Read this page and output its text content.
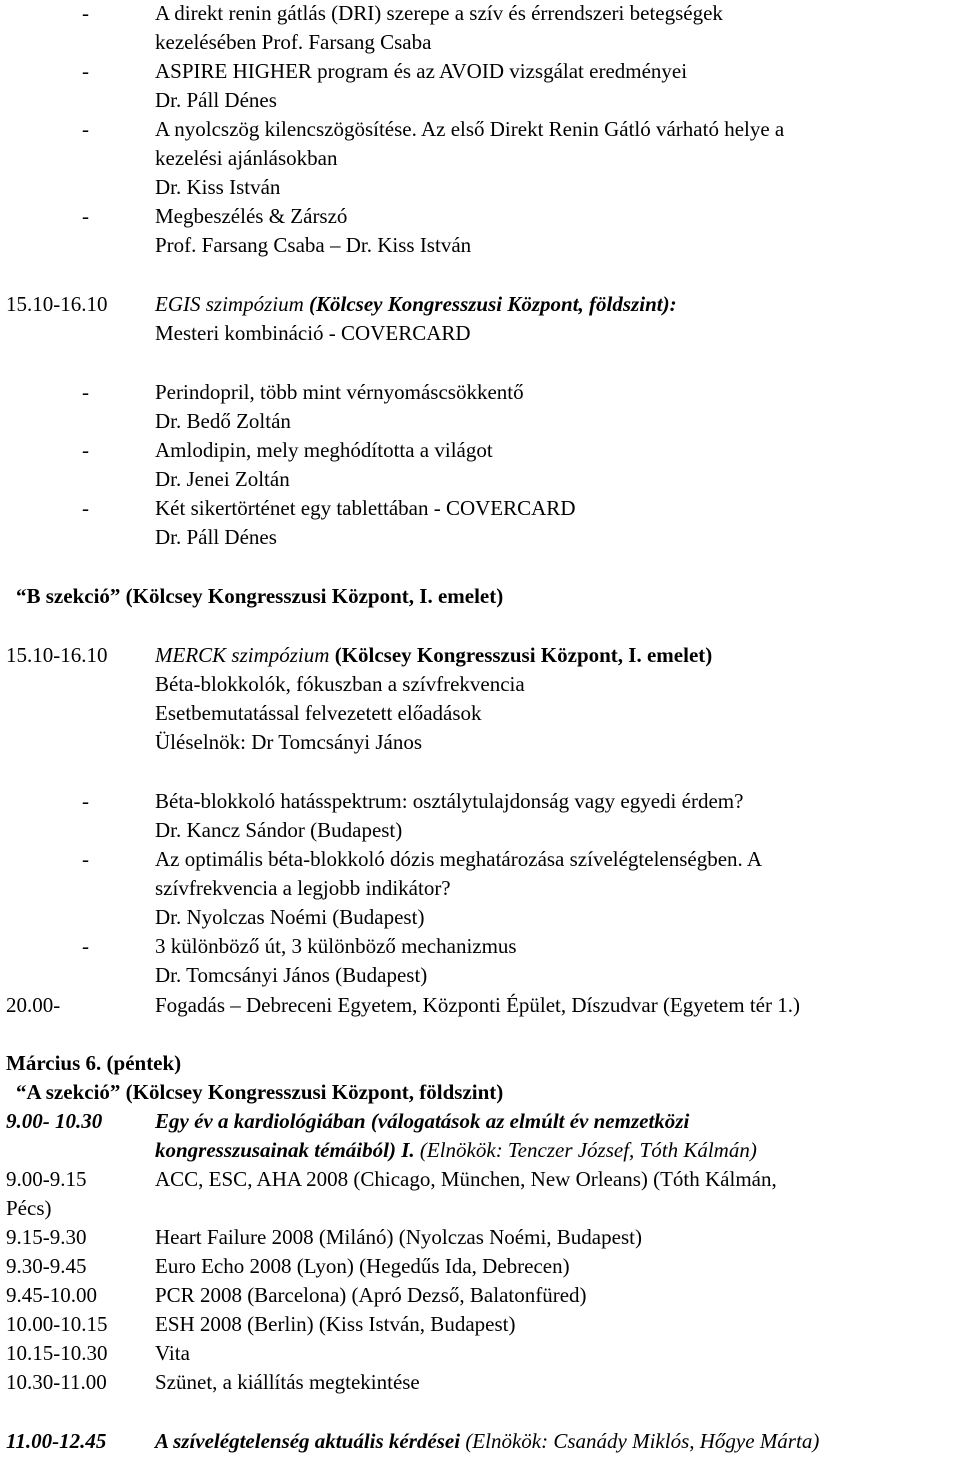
-	A direkt renin gátlás (DRI) szerepe a szív és érrendszeri betegségek
kezelésében Prof. Farsang Csaba
-	ASPIRE HIGHER program és az AVOID vizsgálat eredményei
Dr. Páll Dénes
-	A nyolcszög kilencszögösítése. Az első Direkt Renin Gátló várható helye a
kezelési ajánlásokban
Dr. Kiss István
-	Megbeszélés & Zárszó
Prof. Farsang Csaba – Dr. Kiss István
15.10-16.10 EGIS szimpózium (Kölcsey Kongresszusi Központ, földszint):
Mesteri kombináció - COVERCARD
-	Perindopril, több mint vérnyomáscsökkentő
Dr. Bedő Zoltán
-	Amlodipin, mely meghódította a világot
Dr. Jenei Zoltán
-	Két sikertörténet egy tablettában - COVERCARD
Dr. Páll Dénes
“B szekció” (Kölcsey Kongresszusi Központ, I. emelet)
15.10-16.10 MERCK szimpózium (Kölcsey Kongresszusi Központ, I. emelet)
Béta-blokkolók, fókuszban a szívfrekvencia
Esetbemutatással felvezetett előadások
Üléselnök: Dr Tomcsányi János
-	Béta-blokkoló hatásspektrum: osztálytulajdonság vagy egyedi érdem?
Dr. Kancz Sándor (Budapest)
-	Az optimális béta-blokkoló dózis meghatározása szívelégtelenségben. A
szívfrekvencia a legjobb indikátor?
Dr. Nyolczas Noémi (Budapest)
-	3 különböző út, 3 különböző mechanizmus
Dr. Tomcsányi János (Budapest)
20.00-	Fogadás – Debreceni Egyetem, Központi Épület, Díszudvar (Egyetem tér 1.)
Március 6. (péntek)
“A szekció” (Kölcsey Kongresszusi Központ, földszint)
9.00- 10.30	Egy év a kardiológiában (válogatások az elmúlt év nemzetközi
kongresszusainak témáiból) I. (Elnökök: Tenczer József, Tóth Kálmán)
9.00-9.15	ACC, ESC, AHA 2008 (Chicago, München, New Orleans) (Tóth Kálmán,
Pécs)
9.15-9.30	Heart Failure 2008 (Milánó) (Nyolczas Noémi, Budapest)
9.30-9.45	Euro Echo 2008 (Lyon) (Hegedűs Ida, Debrecen)
9.45-10.00	PCR 2008 (Barcelona) (Apró Dezső, Balatonfüred)
10.00-10.15 ESH 2008 (Berlin) (Kiss István, Budapest)
10.15-10.30 Vita
10.30-11.00 Szünet, a kiállítás megtekintése
11.00-12.45 A szívelégtelenség aktuális kérdései (Elnökök: Csanády Miklós, Hőgye Márta)
